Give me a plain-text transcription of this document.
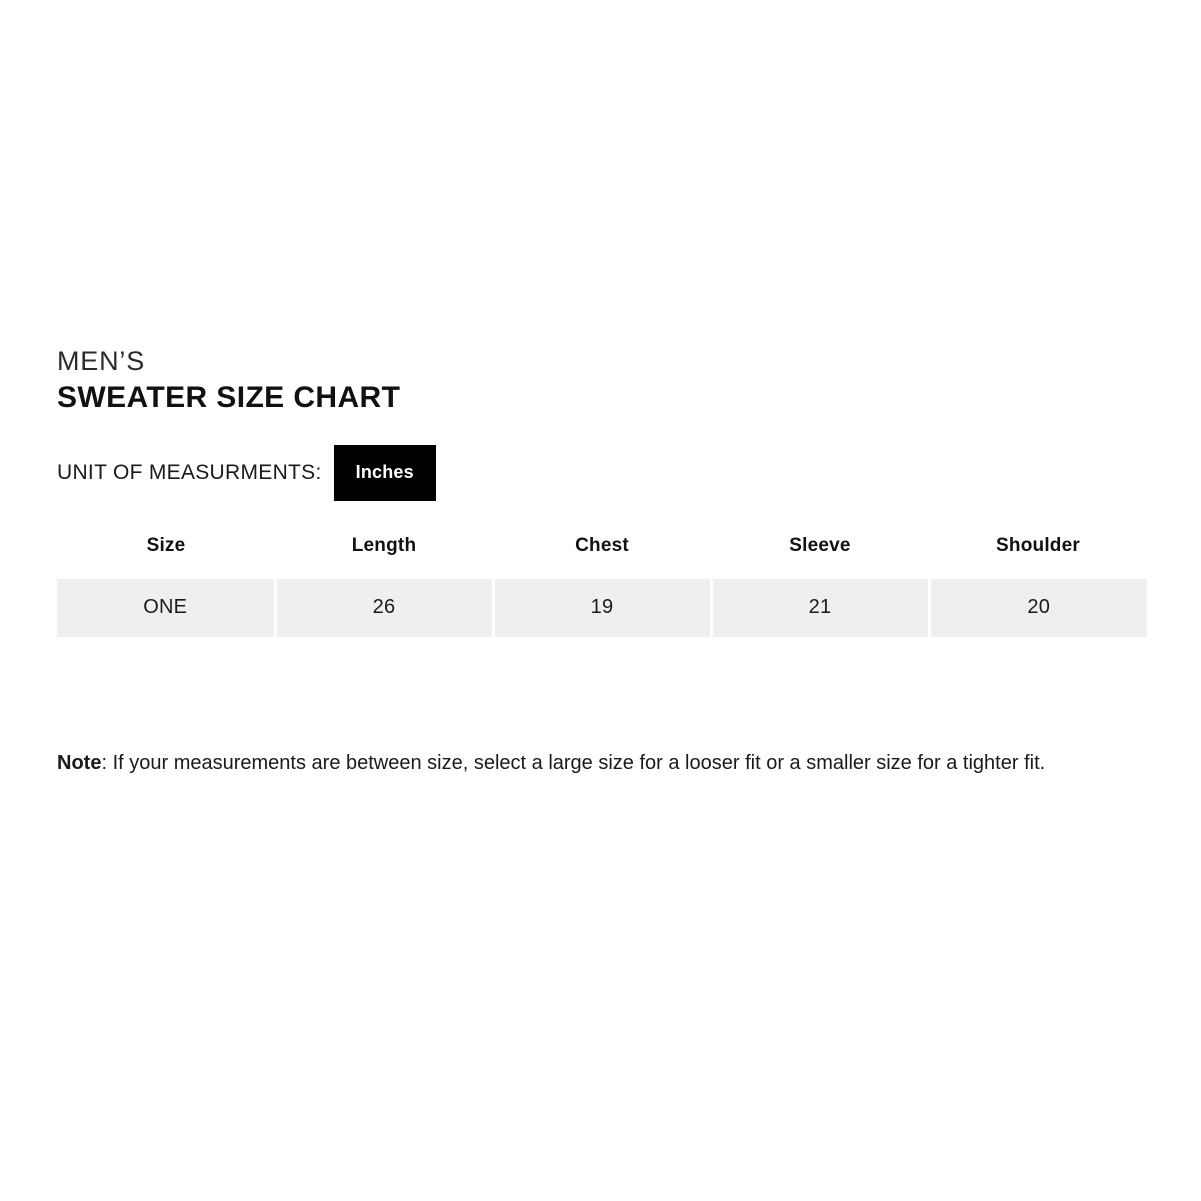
MEN’S
SWEATER SIZE CHART
UNIT OF MEASURMENTS:	Inches
Size	Length	Chest	Sleeve	Shoulder
ONE	26	19	21	20
Note: If your measurements are between size, select a large size for a looser fit or a smaller size for a tighter fit.
